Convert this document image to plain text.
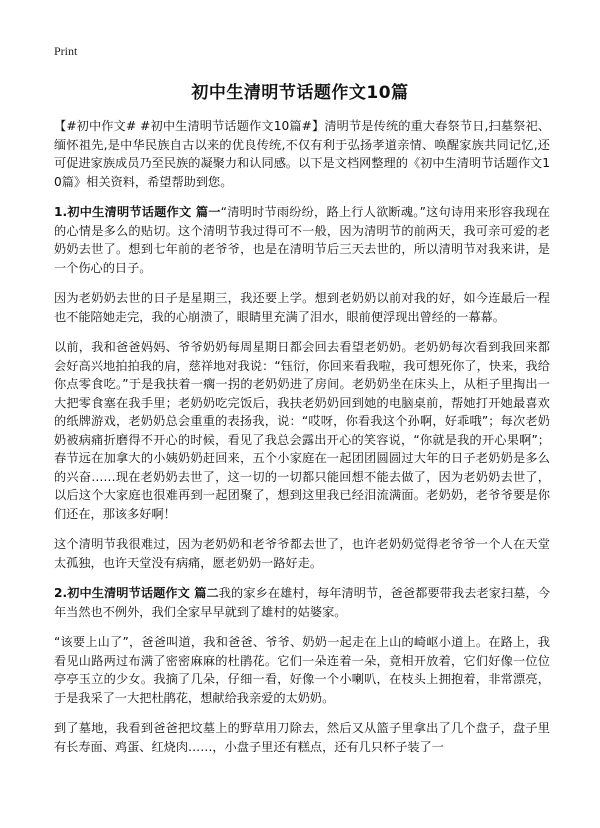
Print
初中生清明节话题作文10篇

【#初中作文# #初中生清明节话题作文10篇#】清明节是传统的重大春祭节日,扫墓祭祀、缅怀祖先,是中华民族自古以来的优良传统,不仅有利于弘扬孝道亲情、唤醒家族共同记忆,还可促进家族成员乃至民族的凝聚力和认同感。以下是文档网整理的《初中生清明节话题作文10篇》相关资料，希望帮助到您。

1.初中生清明节话题作文 篇一“清明时节雨纷纷，路上行人欲断魂。”这句诗用来形容我现在的心情是多么的贴切。这个清明节我过得可不一般，因为清明节的前两天，我可亲可爱的老奶奶去世了。想到七年前的老爷爷，也是在清明节后三天去世的，所以清明节对我来讲，是一个伤心的日子。

因为老奶奶去世的日子是星期三，我还要上学。想到老奶奶以前对我的好，如今连最后一程也不能陪她走完，我的心崩溃了，眼睛里充满了泪水，眼前便浮现出曾经的一幕幕。

以前，我和爸爸妈妈、爷爷奶奶每周星期日都会回去看望老奶奶。老奶奶每次看到我回来都会好高兴地拍拍我的肩，慈祥地对我说：“钰衍，你回来看我啦，我可想死你了，快来，我给你点零食吃。”于是我扶着一瘸一拐的老奶奶进了房间。老奶奶坐在床头上，从柜子里掏出一大把零食塞在我手里；老奶奶吃完饭后，我扶老奶奶回到她的电脑桌前，帮她打开她最喜欢的纸牌游戏，老奶奶总会重重的表扬我，说：“哎呀，你看我这个孙啊，好乖哦”；每次老奶奶被病痛折磨得不开心的时候，看见了我总会露出开心的笑容说，“你就是我的开心果啊”；春节远在加拿大的小姨奶奶赶回来，五个小家庭在一起团团圆圆过大年的日子老奶奶是多么的兴奋……现在老奶奶去世了，这一切的一切都只能回想不能去做了，因为老奶奶去世了，以后这个大家庭也很难再到一起团聚了，想到这里我已经泪流满面。老奶奶，老爷爷要是你们还在，那该多好啊！

这个清明节我很难过，因为老奶奶和老爷爷都去世了，也许老奶奶觉得老爷爷一个人在天堂太孤独，也许天堂没有病痛，愿老奶奶一路好走。

2.初中生清明节话题作文 篇二我的家乡在雄村，每年清明节，爸爸都要带我去老家扫墓，今年当然也不例外，我们全家早早就到了雄村的姑婆家。

“该要上山了”，爸爸叫道，我和爸爸、爷爷、奶奶一起走在上山的崎岖小道上。在路上，我看见山路两过布满了密密麻麻的杜鹃花。它们一朵连着一朵，竟相开放着，它们好像一位位亭亭玉立的少女。我摘了几朵，仔细一看，好像一个小喇叭，在枝头上拥抱着，非常漂亮，于是我采了一大把杜鹃花，想献给我亲爱的太奶奶。

到了墓地，我看到爸爸把坟墓上的野草用刀除去，然后又从篮子里拿出了几个盘子，盘子里有长寿面、鸡蛋、红烧肉……，小盘子里还有糕点，还有几只杯子装了一
